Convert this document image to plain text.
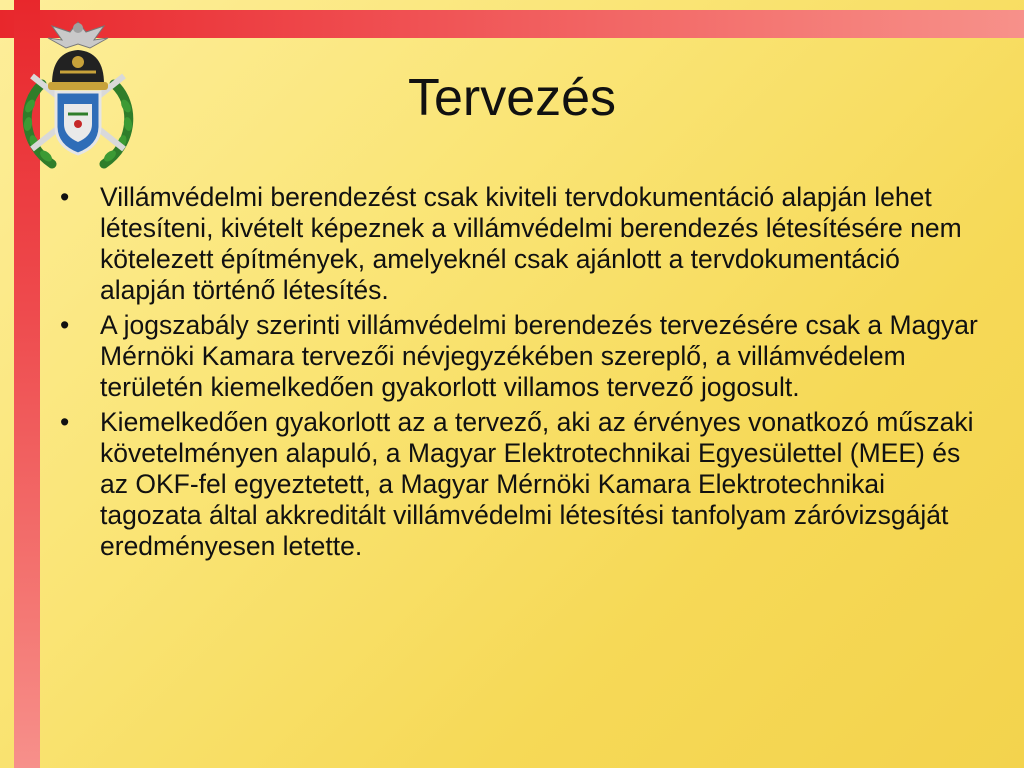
Tervezés
• Villámvédelmi berendezést csak kiviteli tervdokumentáció alapján lehet létesíteni, kivételt képeznek a villámvédelmi berendezés létesítésére nem kötelezett építmények, amelyeknél csak ajánlott a tervdokumentáció alapján történő létesítés.
• A jogszabály szerinti villámvédelmi berendezés tervezésére csak a Magyar Mérnöki Kamara tervezői névjegyzékében szereplő, a villámvédelem területén kiemelkedően gyakorlott villamos tervező jogosult.
• Kiemelkedően gyakorlott az a tervező, aki az érvényes vonatkozó műszaki követelményen alapuló, a Magyar Elektrotechnikai Egyesülettel (MEE) és az OKF-fel egyeztetett, a Magyar Mérnöki Kamara Elektrotechnikai tagozata által akkreditált villámvédelmi létesítési tanfolyam záróvizsgáját eredményesen letette.
